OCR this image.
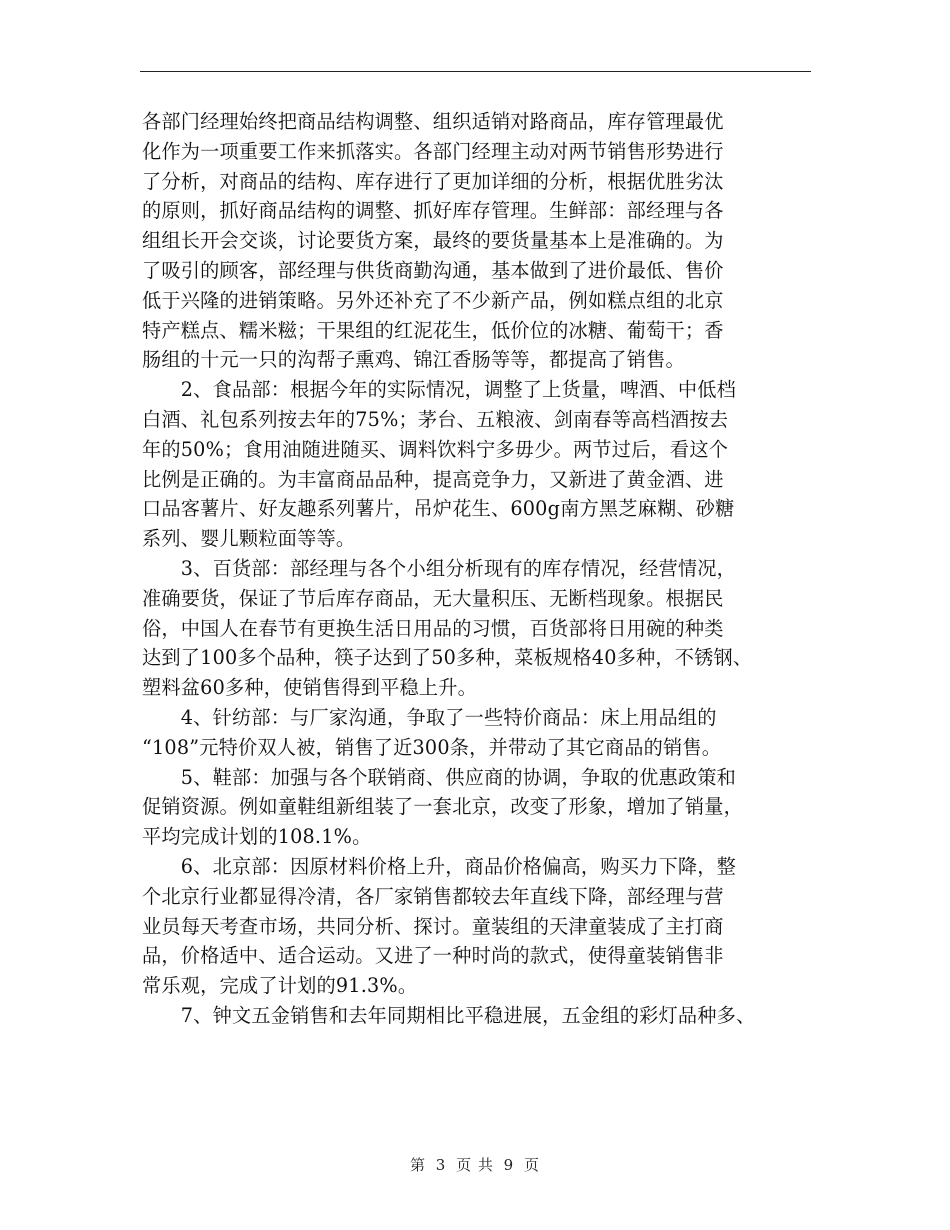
各部门经理始终把商品结构调整、组织适销对路商品，库存管理最优
化作为一项重要工作来抓落实。各部门经理主动对两节销售形势进行
了分析，对商品的结构、库存进行了更加详细的分析，根据优胜劣汰
的原则，抓好商品结构的调整、抓好库存管理。生鲜部：部经理与各
组组长开会交谈，讨论要货方案，最终的要货量基本上是准确的。为
了吸引的顾客，部经理与供货商勤沟通，基本做到了进价最低、售价
低于兴隆的进销策略。另外还补充了不少新产品，例如糕点组的北京
特产糕点、糯米糍；干果组的红泥花生，低价位的冰糖、葡萄干；香
肠组的十元一只的沟帮子熏鸡、锦江香肠等等，都提高了销售。
　　2、食品部：根据今年的实际情况，调整了上货量，啤酒、中低档
白酒、礼包系列按去年的75%；茅台、五粮液、剑南春等高档酒按去
年的50%；食用油随进随买、调料饮料宁多毋少。两节过后，看这个
比例是正确的。为丰富商品品种，提高竞争力，又新进了黄金酒、进
口品客薯片、好友趣系列薯片，吊炉花生、600g南方黑芝麻糊、砂糖
系列、婴儿颗粒面等等。
　　3、百货部：部经理与各个小组分析现有的库存情况，经营情况，
准确要货，保证了节后库存商品，无大量积压、无断档现象。根据民
俗，中国人在春节有更换生活日用品的习惯，百货部将日用碗的种类
达到了100多个品种，筷子达到了50多种，菜板规格40多种，不锈钢、
塑料盆60多种，使销售得到平稳上升。
　　4、针纺部：与厂家沟通，争取了一些特价商品：床上用品组的
“108”元特价双人被，销售了近300条，并带动了其它商品的销售。
　　5、鞋部：加强与各个联销商、供应商的协调，争取的优惠政策和
促销资源。例如童鞋组新组装了一套北京，改变了形象，增加了销量，
平均完成计划的108.1%。
　　6、北京部：因原材料价格上升，商品价格偏高，购买力下降，整
个北京行业都显得冷清，各厂家销售都较去年直线下降，部经理与营
业员每天考查市场，共同分析、探讨。童装组的天津童装成了主打商
品，价格适中、适合运动。又进了一种时尚的款式，使得童装销售非
常乐观，完成了计划的91.3%。
　　7、钟文五金销售和去年同期相比平稳进展，五金组的彩灯品种多、
第 3 页 共 9 页
